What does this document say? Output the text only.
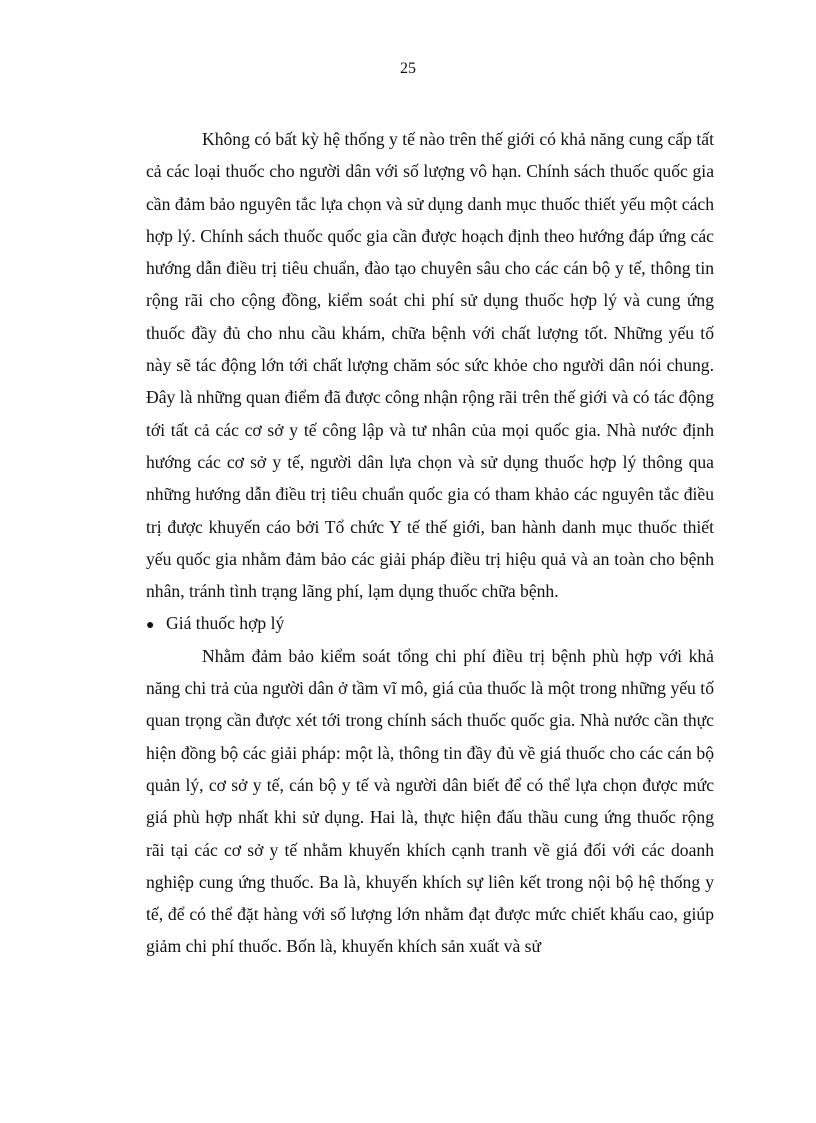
25

Không có bất kỳ hệ thống y tế nào trên thế giới có khả năng cung cấp tất cả các loại thuốc cho người dân với số lượng vô hạn. Chính sách thuốc quốc gia cần đảm bảo nguyên tắc lựa chọn và sử dụng danh mục thuốc thiết yếu một cách hợp lý. Chính sách thuốc quốc gia cần được hoạch định theo hướng đáp ứng các hướng dẫn điều trị tiêu chuẩn, đào tạo chuyên sâu cho các cán bộ y tế, thông tin rộng rãi cho cộng đồng, kiểm soát chi phí sử dụng thuốc hợp lý và cung ứng thuốc đầy đủ cho nhu cầu khám, chữa bệnh với chất lượng tốt. Những yếu tố này sẽ tác động lớn tới chất lượng chăm sóc sức khỏe cho người dân nói chung. Đây là những quan điểm đã được công nhận rộng rãi trên thế giới và có tác động tới tất cả các cơ sở y tế công lập và tư nhân của mọi quốc gia. Nhà nước định hướng các cơ sở y tế, người dân lựa chọn và sử dụng thuốc hợp lý thông qua những hướng dẫn điều trị tiêu chuẩn quốc gia có tham khảo các nguyên tắc điều trị được khuyến cáo bởi Tổ chức Y tế thế giới, ban hành danh mục thuốc thiết yếu quốc gia nhằm đảm bảo các giải pháp điều trị hiệu quả và an toàn cho bệnh nhân, tránh tình trạng lãng phí, lạm dụng thuốc chữa bệnh.

● Giá thuốc hợp lý

Nhằm đảm bảo kiểm soát tổng chi phí điều trị bệnh phù hợp với khả năng chi trả của người dân ở tầm vĩ mô, giá của thuốc là một trong những yếu tố quan trọng cần được xét tới trong chính sách thuốc quốc gia. Nhà nước cần thực hiện đồng bộ các giải pháp: một là, thông tin đầy đủ về giá thuốc cho các cán bộ quản lý, cơ sở y tế, cán bộ y tế và người dân biết để có thể lựa chọn được mức giá phù hợp nhất khi sử dụng. Hai là, thực hiện đấu thầu cung ứng thuốc rộng rãi tại các cơ sở y tế nhằm khuyến khích cạnh tranh về giá đối với các doanh nghiệp cung ứng thuốc. Ba là, khuyến khích sự liên kết trong nội bộ hệ thống y tế, để có thể đặt hàng với số lượng lớn nhằm đạt được mức chiết khấu cao, giúp giảm chi phí thuốc. Bốn là, khuyến khích sản xuất và sử
